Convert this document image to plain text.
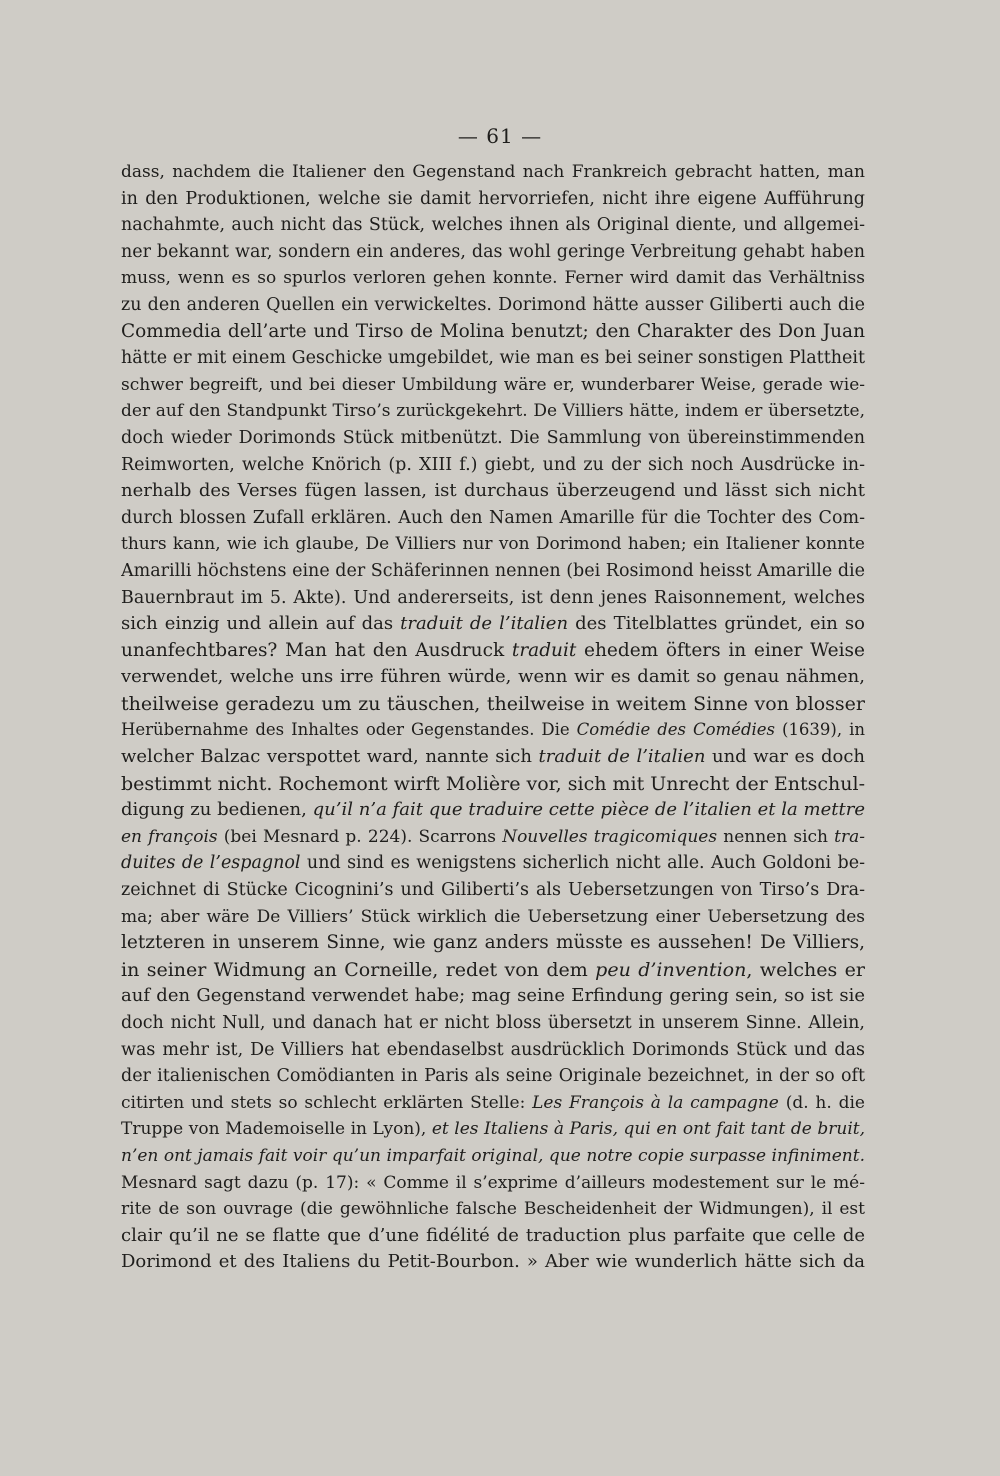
— 61 —
dass, nachdem die Italiener den Gegenstand nach Frankreich gebracht hatten, man
in den Produktionen, welche sie damit hervorriefen, nicht ihre eigene Aufführung
nachahmte, auch nicht das Stück, welches ihnen als Original diente, und allgemei-
ner bekannt war, sondern ein anderes, das wohl geringe Verbreitung gehabt haben
muss, wenn es so spurlos verloren gehen konnte. Ferner wird damit das Verhältniss
zu den anderen Quellen ein verwickeltes. Dorimond hätte ausser Giliberti auch die
Commedia dell’arte und Tirso de Molina benutzt; den Charakter des Don Juan
hätte er mit einem Geschicke umgebildet, wie man es bei seiner sonstigen Plattheit
schwer begreift, und bei dieser Umbildung wäre er, wunderbarer Weise, gerade wie-
der auf den Standpunkt Tirso’s zurückgekehrt. De Villiers hätte, indem er übersetzte,
doch wieder Dorimonds Stück mitbenützt. Die Sammlung von übereinstimmenden
Reimworten, welche Knörich (p. XIII f.) giebt, und zu der sich noch Ausdrücke in-
nerhalb des Verses fügen lassen, ist durchaus überzeugend und lässt sich nicht
durch blossen Zufall erklären. Auch den Namen Amarille für die Tochter des Com-
thurs kann, wie ich glaube, De Villiers nur von Dorimond haben; ein Italiener konnte
Amarilli höchstens eine der Schäferinnen nennen (bei Rosimond heisst Amarille die
Bauernbraut im 5. Akte). Und andererseits, ist denn jenes Raisonnement, welches
sich einzig und allein auf das traduit de l’italien des Titelblattes gründet, ein so
unanfechtbares? Man hat den Ausdruck traduit ehedem öfters in einer Weise
verwendet, welche uns irre führen würde, wenn wir es damit so genau nähmen,
theilweise geradezu um zu täuschen, theilweise in weitem Sinne von blosser
Herübernahme des Inhaltes oder Gegenstandes. Die Comédie des Comédies (1639), in
welcher Balzac verspottet ward, nannte sich traduit de l’italien und war es doch
bestimmt nicht. Rochemont wirft Molière vor, sich mit Unrecht der Entschul-
digung zu bedienen, qu’il n’a fait que traduire cette pièce de l’italien et la mettre
en françois (bei Mesnard p. 224). Scarrons Nouvelles tragicomiques nennen sich tra-
duites de l’espagnol und sind es wenigstens sicherlich nicht alle. Auch Goldoni be-
zeichnet di Stücke Cicognini’s und Giliberti’s als Uebersetzungen von Tirso’s Dra-
ma; aber wäre De Villiers’ Stück wirklich die Uebersetzung einer Uebersetzung des
letzteren in unserem Sinne, wie ganz anders müsste es aussehen! De Villiers,
in seiner Widmung an Corneille, redet von dem peu d’invention, welches er
auf den Gegenstand verwendet habe; mag seine Erfindung gering sein, so ist sie
doch nicht Null, und danach hat er nicht bloss übersetzt in unserem Sinne. Allein,
was mehr ist, De Villiers hat ebendaselbst ausdrücklich Dorimonds Stück und das
der italienischen Comödianten in Paris als seine Originale bezeichnet, in der so oft
citirten und stets so schlecht erklärten Stelle: Les François à la campagne (d. h. die
Truppe von Mademoiselle in Lyon), et les Italiens à Paris, qui en ont fait tant de bruit,
n’en ont jamais fait voir qu’un imparfait original, que notre copie surpasse infiniment.
Mesnard sagt dazu (p. 17): « Comme il s’exprime d’ailleurs modestement sur le mé-
rite de son ouvrage (die gewöhnliche falsche Bescheidenheit der Widmungen), il est
clair qu’il ne se flatte que d’une fidélité de traduction plus parfaite que celle de
Dorimond et des Italiens du Petit-Bourbon. » Aber wie wunderlich hätte sich da
